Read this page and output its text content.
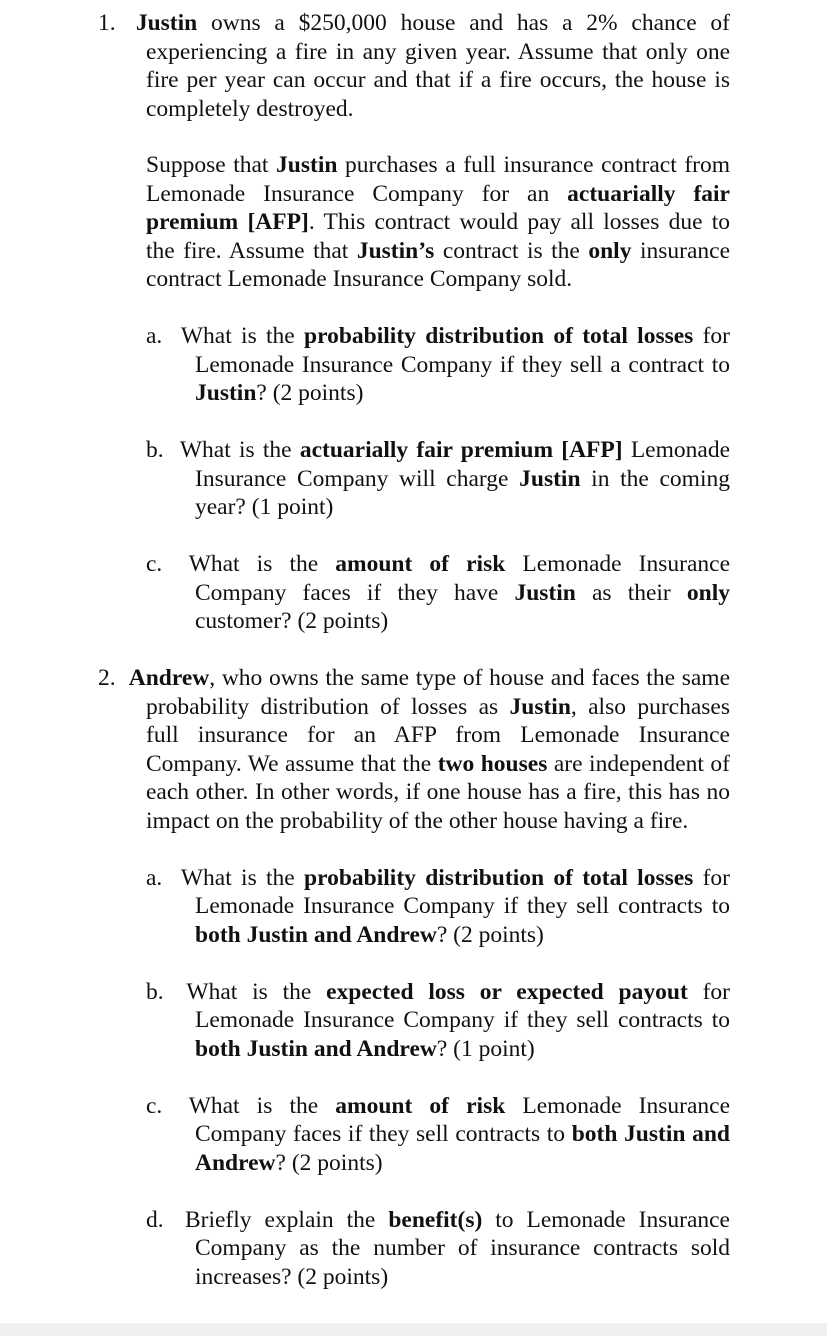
1. Justin owns a $250,000 house and has a 2% chance of experiencing a fire in any given year. Assume that only one fire per year can occur and that if a fire occurs, the house is completely destroyed.

Suppose that Justin purchases a full insurance contract from Lemonade Insurance Company for an actuarially fair premium [AFP]. This contract would pay all losses due to the fire. Assume that Justin’s contract is the only insurance contract Lemonade Insurance Company sold.

a. What is the probability distribution of total losses for Lemonade Insurance Company if they sell a contract to Justin? (2 points)

b. What is the actuarially fair premium [AFP] Lemonade Insurance Company will charge Justin in the coming year? (1 point)

c. What is the amount of risk Lemonade Insurance Company faces if they have Justin as their only customer? (2 points)

2. Andrew, who owns the same type of house and faces the same probability distribution of losses as Justin, also purchases full insurance for an AFP from Lemonade Insurance Company. We assume that the two houses are independent of each other. In other words, if one house has a fire, this has no impact on the probability of the other house having a fire.

a. What is the probability distribution of total losses for Lemonade Insurance Company if they sell contracts to both Justin and Andrew? (2 points)

b. What is the expected loss or expected payout for Lemonade Insurance Company if they sell contracts to both Justin and Andrew? (1 point)

c. What is the amount of risk Lemonade Insurance Company faces if they sell contracts to both Justin and Andrew? (2 points)

d. Briefly explain the benefit(s) to Lemonade Insurance Company as the number of insurance contracts sold increases? (2 points)
